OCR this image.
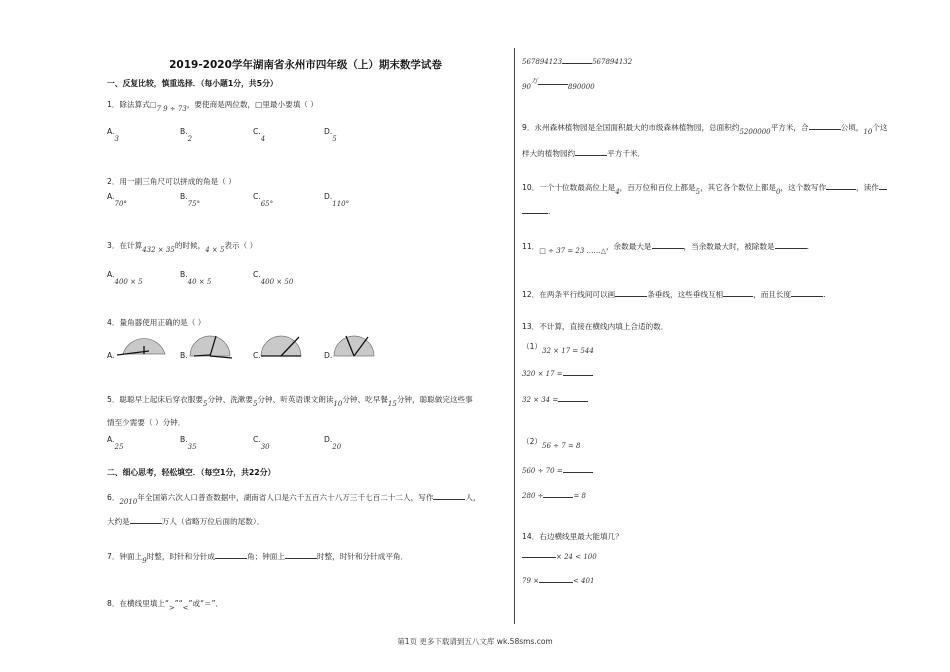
2019-2020学年湖南省永州市四年级（上）期末数学试卷
一、反复比较，慎重选择．（每小题1分，共5分）
1．除法算式□7 9 ÷ 73，要使商是两位数，□里最小要填（ ）
A.3
B.2
C.4
D.5
2．用一副三角尺可以拼成的角是（ ）
A.70°
B.75°
C.65°
D.110°
3．在计算432 × 35的时候，4 × 5表示（ ）
A.400 × 5
B.40 × 5
C.400 × 50
4．量角器使用正确的是（ ）
A.	B.	C.	D.
5．聪聪早上起床后穿衣服要5分钟、洗漱要5分钟、听英语课文朗读10分钟、吃早餐15分钟，聪聪做完这些事
情至少需要（ ）分钟．
A.25
B.35
C.30
D.20
二、细心思考，轻松填空．（每空1分，共22分）
6．2010年全国第六次人口普查数据中，湖南省人口是六千五百六十八万三千七百二十二人，写作	人，
大约是	万人（省略万位后面的尾数）．
7．钟面上9时整，时针和分针成	角；钟面上	时整，时针和分针成平角．
8．在横线里填上“>”“<”或“＝”．
567894123	567894132
90万890000
9．永州森林植物园是全国面积最大的市级森林植物园，总面积约5200000平方米，合	公顷，10个这
样大的植物园约	平方千米．
10．一个十位数最高位上是4，百万位和百位上都是5，其它各个数位上都是0，这个数写作	，读作
.
11．□ ÷ 37 = 23 ……△，余数最大是	，当余数最大时，被除数是	.
12．在两条平行线间可以画	条垂线，这些垂线互相	，而且长度	.
13．不计算，直接在横线内填上合适的数．
（1）32 × 17 = 544
320 × 17 =
32 × 34 =
（2）56 ÷ 7 = 8
560 ÷ 70 =
280 ÷	= 8
14．右边横线里最大能填几？
× 24 < 100
79 ×	< 401
第1页 更多下载请到五八文库 wk.58sms.com
